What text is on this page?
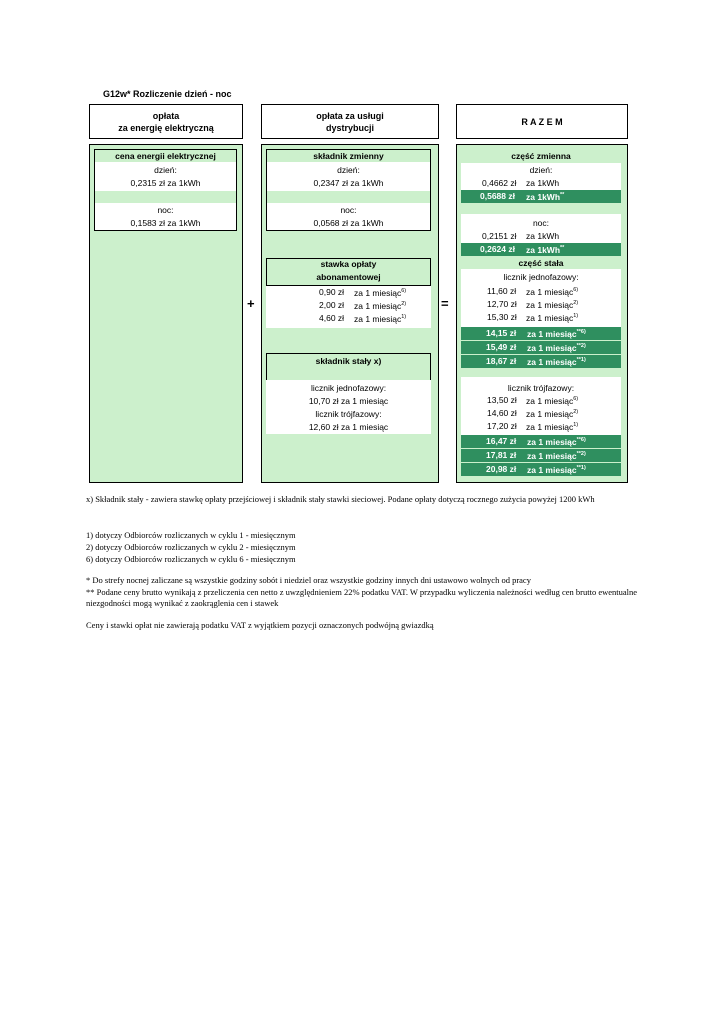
G12w* Rozliczenie dzień - noc
opłata
za energię elektryczną
opłata za usługi
dystrybucji
R A Z E M
cena energii elektrycznej
dzień:
0,2315 zł za 1kWh
noc:
0,1583 zł za 1kWh
+
składnik zmienny
dzień:
0,2347 zł za 1kWh
noc:
0,0568 zł za 1kWh
stawka opłaty
abonamentowej
0,90 zł za 1 miesiąc$^{6)}$
2,00 zł za 1 miesiąc$^{2)}$
4,60 zł za 1 miesiąc$^{1)}$
składnik stały x)
licznik jednofazowy:
10,70 zł za 1 miesiąc
licznik trójfazowy:
12,60 zł za 1 miesiąc
=
część zmienna
dzień:
0,4662 zł za 1kWh
0,5688 zł za 1kWh**
noc:
0,2151 zł za 1kWh
0,2624 zł za 1kWh**
część stała
licznik jednofazowy:
11,60 zł za 1 miesiąc$^{6)}$
12,70 zł za 1 miesiąc$^{2)}$
15,30 zł za 1 miesiąc$^{1)}$
14,15 zł za 1 miesiąc$^{**6)}$
15,49 zł za 1 miesiąc$^{**2)}$
18,67 zł za 1 miesiąc$^{**1)}$
licznik trójfazowy:
13,50 zł za 1 miesiąc$^{6)}$
14,60 zł za 1 miesiąc$^{2)}$
17,20 zł za 1 miesiąc$^{1)}$
16,47 zł za 1 miesiąc$^{**6)}$
17,81 zł za 1 miesiąc$^{**2)}$
20,98 zł za 1 miesiąc$^{**1)}$
x) Składnik stały - zawiera stawkę opłaty przejściowej i składnik stały stawki sieciowej. Podane opłaty dotyczą rocznego zużycia powyżej 1200 kWh
1) dotyczy Odbiorców rozliczanych w cyklu 1 - miesięcznym
2) dotyczy Odbiorców rozliczanych w cyklu 2 - miesięcznym
6) dotyczy Odbiorców rozliczanych w cyklu 6 - miesięcznym
* Do strefy nocnej zaliczane są wszystkie godziny sobót i niedziel oraz wszystkie godziny innych dni ustawowo wolnych od pracy
** Podane ceny brutto wynikają z przeliczenia cen netto z uwzględnieniem 22% podatku VAT. W przypadku wyliczenia należności według cen brutto ewentualne niezgodności mogą wynikać z zaokrąglenia cen i stawek
Ceny i stawki opłat nie zawierają podatku VAT z wyjątkiem pozycji oznaczonych podwójną gwiazdką
